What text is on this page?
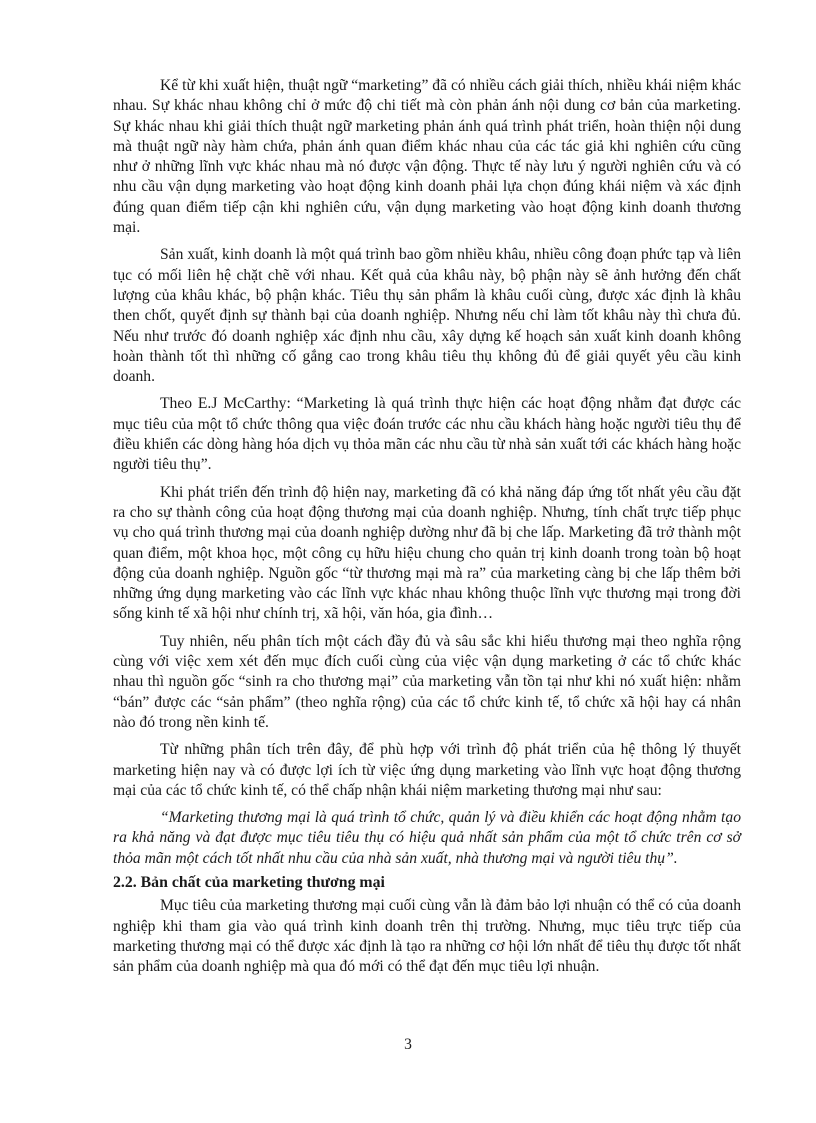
Kể từ khi xuất hiện, thuật ngữ “marketing” đã có nhiều cách giải thích, nhiều khái niệm khác nhau. Sự khác nhau không chỉ ở mức độ chi tiết mà còn phản ánh nội dung cơ bản của marketing. Sự khác nhau khi giải thích thuật ngữ marketing phản ánh quá trình phát triển, hoàn thiện nội dung mà thuật ngữ này hàm chứa, phản ánh quan điểm khác nhau của các tác giả khi nghiên cứu cũng như ở những lĩnh vực khác nhau mà nó được vận động. Thực tế này lưu ý người nghiên cứu và có nhu cầu vận dụng marketing vào hoạt động kinh doanh phải lựa chọn đúng khái niệm và xác định đúng quan điểm tiếp cận khi nghiên cứu, vận dụng marketing vào hoạt động kinh doanh thương mại.

Sản xuất, kinh doanh là một quá trình bao gồm nhiều khâu, nhiều công đoạn phức tạp và liên tục có mối liên hệ chặt chẽ với nhau. Kết quả của khâu này, bộ phận này sẽ ảnh hưởng đến chất lượng của khâu khác, bộ phận khác. Tiêu thụ sản phẩm là khâu cuối cùng, được xác định là khâu then chốt, quyết định sự thành bại của doanh nghiệp. Nhưng nếu chỉ làm tốt khâu này thì chưa đủ. Nếu như trước đó doanh nghiệp xác định nhu cầu, xây dựng kế hoạch sản xuất kinh doanh không hoàn thành tốt thì những cố gắng cao trong khâu tiêu thụ không đủ để giải quyết yêu cầu kinh doanh.

Theo E.J McCarthy: “Marketing là quá trình thực hiện các hoạt động nhằm đạt được các mục tiêu của một tổ chức thông qua việc đoán trước các nhu cầu khách hàng hoặc người tiêu thụ để điều khiển các dòng hàng hóa dịch vụ thỏa mãn các nhu cầu từ nhà sản xuất tới các khách hàng hoặc người tiêu thụ”.

Khi phát triển đến trình độ hiện nay, marketing đã có khả năng đáp ứng tốt nhất yêu cầu đặt ra cho sự thành công của hoạt động thương mại của doanh nghiệp. Nhưng, tính chất trực tiếp phục vụ cho quá trình thương mại của doanh nghiệp dường như đã bị che lấp. Marketing đã trở thành một quan điểm, một khoa học, một công cụ hữu hiệu chung cho quản trị kinh doanh trong toàn bộ hoạt động của doanh nghiệp. Nguồn gốc “từ thương mại mà ra” của marketing càng bị che lấp thêm bởi những ứng dụng marketing vào các lĩnh vực khác nhau không thuộc lĩnh vực thương mại trong đời sống kinh tế xã hội như chính trị, xã hội, văn hóa, gia đình…

Tuy nhiên, nếu phân tích một cách đầy đủ và sâu sắc khi hiểu thương mại theo nghĩa rộng cùng với việc xem xét đến mục đích cuối cùng của việc vận dụng marketing ở các tổ chức khác nhau thì nguồn gốc “sinh ra cho thương mại” của marketing vẫn tồn tại như khi nó xuất hiện: nhằm “bán” được các “sản phẩm” (theo nghĩa rộng) của các tổ chức kinh tế, tổ chức xã hội hay cá nhân nào đó trong nền kinh tế.

Từ những phân tích trên đây, để phù hợp với trình độ phát triển của hệ thông lý thuyết marketing hiện nay và có được lợi ích từ việc ứng dụng marketing vào lĩnh vực hoạt động thương mại của các tổ chức kinh tế, có thể chấp nhận khái niệm marketing thương mại như sau:

“Marketing thương mại là quá trình tổ chức, quản lý và điều khiển các hoạt động nhằm tạo ra khả năng và đạt được mục tiêu tiêu thụ có hiệu quả nhất sản phẩm của một tổ chức trên cơ sở thỏa mãn một cách tốt nhất nhu cầu của nhà sản xuất, nhà thương mại và người tiêu thụ”.

2.2. Bản chất của marketing thương mại

Mục tiêu của marketing thương mại cuối cùng vẫn là đảm bảo lợi nhuận có thể có của doanh nghiệp khi tham gia vào quá trình kinh doanh trên thị trường. Nhưng, mục tiêu trực tiếp của marketing thương mại có thể được xác định là tạo ra những cơ hội lớn nhất để tiêu thụ được tốt nhất sản phẩm của doanh nghiệp mà qua đó mới có thể đạt đến mục tiêu lợi nhuận.

3
